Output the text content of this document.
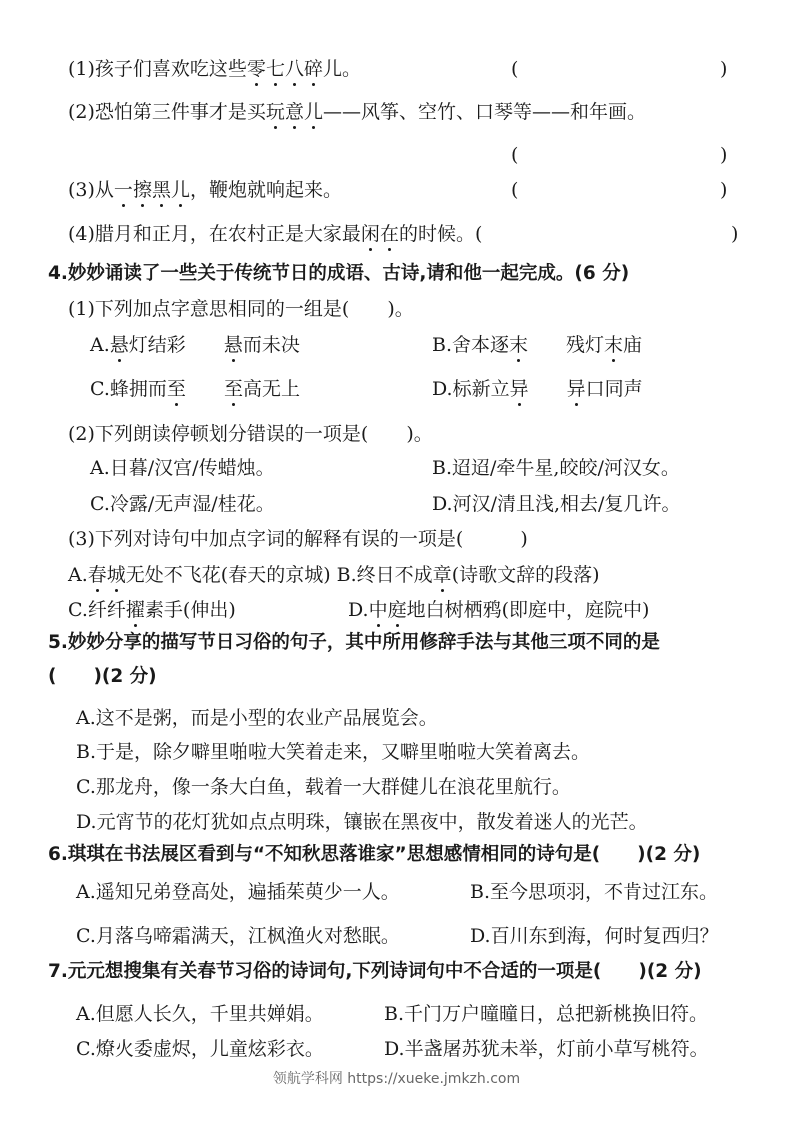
(1)孩子们喜欢吃这些零七八碎儿。	(	)
(2)恐怕第三件事才是买玩意儿——风筝、空竹、口琴等——和年画。
(	)
(3)从一擦黑儿，鞭炮就响起来。	(	)
(4)腊月和正月，在农村正是大家最闲在的时候。(	)
4.妙妙诵读了一些关于传统节日的成语、古诗,请和他一起完成。(6 分)
(1)下列加点字意思相同的一组是(　　)。
A.悬灯结彩　　悬而未决	B.舍本逐末　　残灯末庙
C.蜂拥而至　　 至高无上	D.标新立异　　 异口同声
(2)下列朗读停顿划分错误的一项是(　　)。
A.日暮/汉宫/传蜡烛。	B.迢迢/牵牛星,皎皎/河汉女。
C.冷露/无声湿/桂花。	D.河汉/清且浅,相去/复几许。
(3)下列对诗句中加点字词的解释有误的一项是(　　　)
A.春城无处不飞花(春天的京城) B.终日不成章(诗歌文辞的段落)
C.纤纤擢素手(伸出)	D.中庭地白树栖鸦(即庭中，庭院中)
5.妙妙分享的描写节日习俗的句子，其中所用修辞手法与其他三项不同的是
(　　)(2 分)
A.这不是粥，而是小型的农业产品展览会。
B.于是，除夕噼里啪啦大笑着走来，又噼里啪啦大笑着离去。
C.那龙舟，像一条大白鱼，载着一大群健儿在浪花里航行。
D.元宵节的花灯犹如点点明珠，镶嵌在黑夜中，散发着迷人的光芒。
6.琪琪在书法展区看到与“不知秋思落谁家”思想感情相同的诗句是(　　)(2 分)
A.遥知兄弟登高处，遍插茱萸少一人。	B.至今思项羽，不肯过江东。
C.月落乌啼霜满天，江枫渔火对愁眠。	D.百川东到海，何时复西归？
7.元元想搜集有关春节习俗的诗词句,下列诗词句中不合适的一项是(　　)(2 分)
A.但愿人长久，千里共婵娟。	B.千门万户曈曈日，总把新桃换旧符。
C.燎火委虚烬，儿童炫彩衣。	D.半盏屠苏犹未举，灯前小草写桃符。
领航学科网 https://xueke.jmkzh.com
